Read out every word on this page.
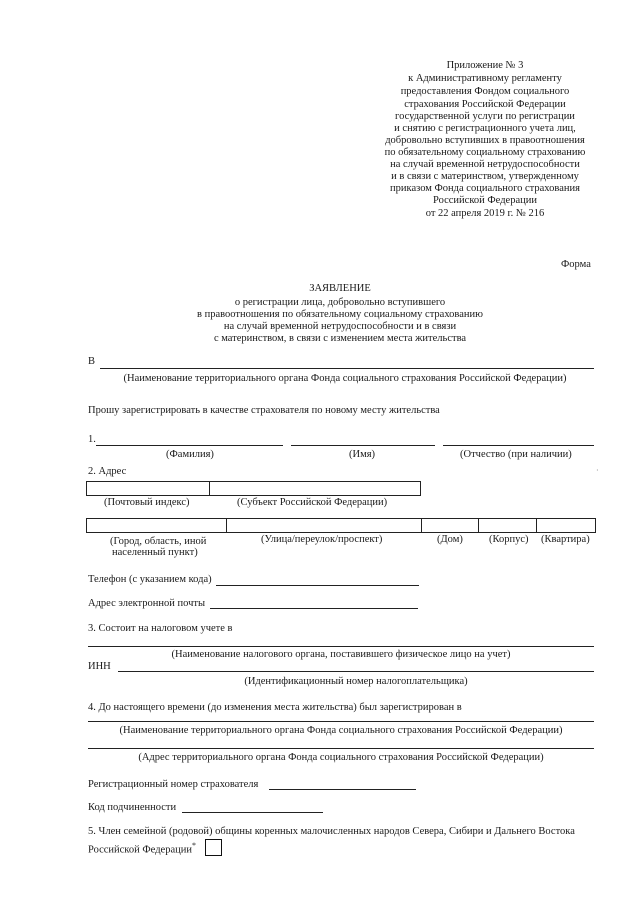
Приложение № 3
к Административному регламенту
предоставления Фондом социального
страхования Российской Федерации
государственной услуги по регистрации
и снятию с регистрационного учета лиц,
добровольно вступивших в правоотношения
по обязательному социальному страхованию
на случай временной нетрудоспособности
и в связи с материнством, утвержденному
приказом Фонда социального страхования
Российской Федерации
от 22 апреля 2019 г. № 216
Форма
ЗАЯВЛЕНИЕ
о регистрации лица, добровольно вступившего
в правоотношения по обязательному социальному страхованию
на случай временной нетрудоспособности и в связи
с материнством, в связи с изменением места жительства
В
(Наименование территориального органа Фонда социального страхования Российской Федерации)
Прошу зарегистрировать в качестве страхователя по новому месту жительства
1.
(Фамилия)	(Имя)	(Отчество (при наличии)
2. Адрес	·
(Почтовый индекс)	(Субъект Российской Федерации)
(Город, область, иной
населенный пункт)
(Улица/переулок/проспект)	(Дом) (Корпус) (Квартира)
Телефон (с указанием кода)
Адрес электронной почты
3. Состоит на налоговом учете в
(Наименование налогового органа, поставившего физическое лицо на учет)
ИНН
(Идентификационный номер налогоплательщика)
4. До настоящего времени (до изменения места жительства) был зарегистрирован в
(Наименование территориального органа Фонда социального страхования Российской Федерации)
(Адрес территориального органа Фонда социального страхования Российской Федерации)
Регистрационный номер страхователя
Код подчиненности
5. Член семейной (родовой) общины коренных малочисленных народов Севера, Сибири и Дальнего Востока
Российской Федерации*
